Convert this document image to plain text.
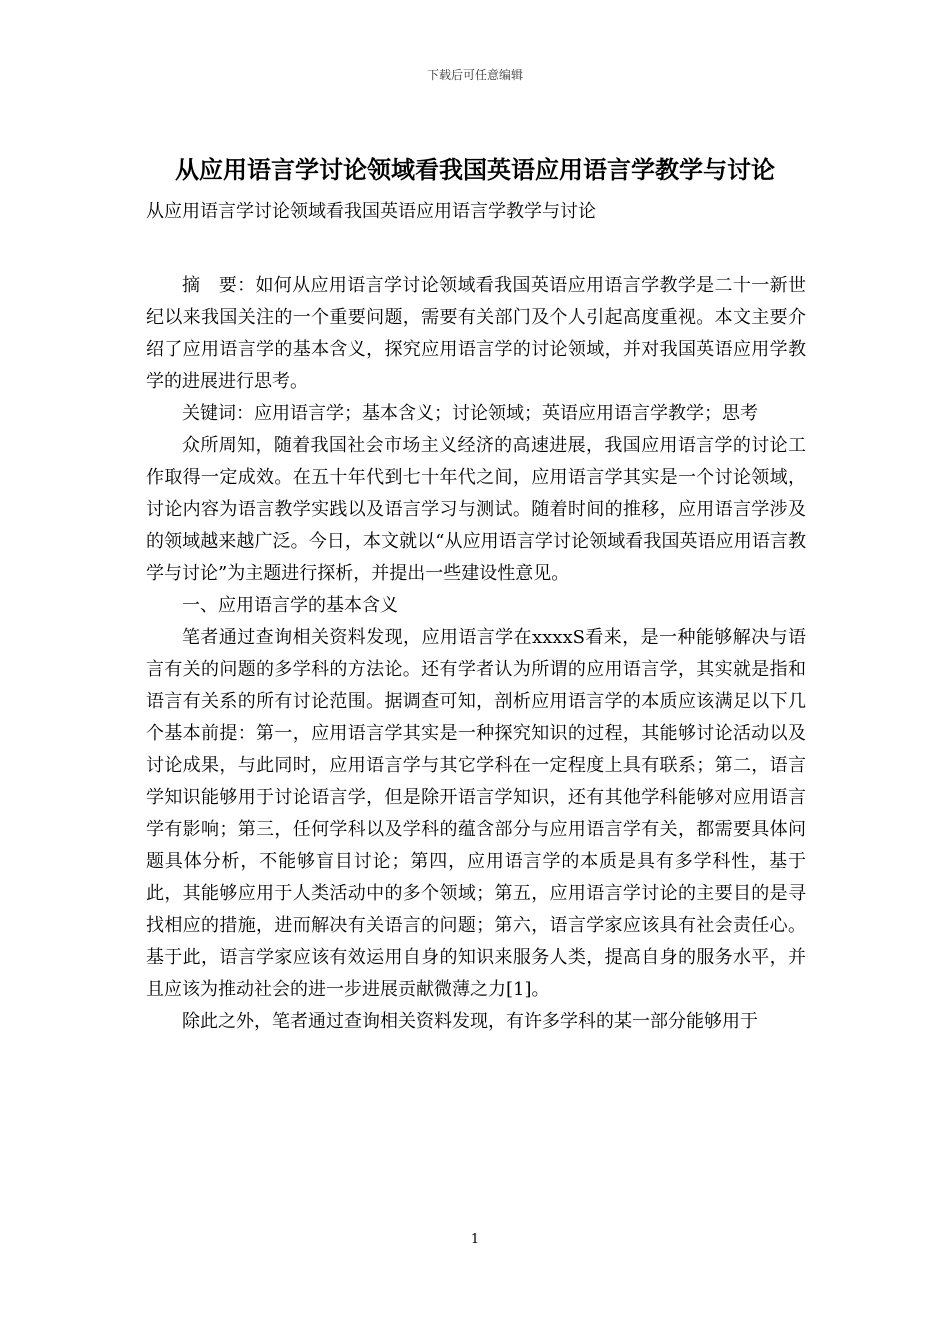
下载后可任意编辑
从应用语言学讨论领域看我国英语应用语言学教学与讨论

从应用语言学讨论领域看我国英语应用语言学教学与讨论

摘　要：如何从应用语言学讨论领域看我国英语应用语言学教学是二十一新世纪以来我国关注的一个重要问题，需要有关部门及个人引起高度重视。本文主要介绍了应用语言学的基本含义，探究应用语言学的讨论领域，并对我国英语应用学教学的进展进行思考。

关键词：应用语言学；基本含义；讨论领域；英语应用语言学教学；思考

众所周知，随着我国社会市场主义经济的高速进展，我国应用语言学的讨论工作取得一定成效。在五十年代到七十年代之间，应用语言学其实是一个讨论领域，讨论内容为语言教学实践以及语言学习与测试。随着时间的推移，应用语言学涉及的领域越来越广泛。今日，本文就以“从应用语言学讨论领域看我国英语应用语言教学与讨论”为主题进行探析，并提出一些建设性意见。

一、应用语言学的基本含义

笔者通过查询相关资料发现，应用语言学在xxxxS看来，是一种能够解决与语言有关的问题的多学科的方法论。还有学者认为所谓的应用语言学，其实就是指和语言有关系的所有讨论范围。据调查可知，剖析应用语言学的本质应该满足以下几个基本前提：第一，应用语言学其实是一种探究知识的过程，其能够讨论活动以及讨论成果，与此同时，应用语言学与其它学科在一定程度上具有联系；第二，语言学知识能够用于讨论语言学，但是除开语言学知识，还有其他学科能够对应用语言学有影响；第三，任何学科以及学科的蕴含部分与应用语言学有关，都需要具体问题具体分析，不能够盲目讨论；第四，应用语言学的本质是具有多学科性，基于此，其能够应用于人类活动中的多个领域；第五，应用语言学讨论的主要目的是寻找相应的措施，进而解决有关语言的问题；第六，语言学家应该具有社会责任心。基于此，语言学家应该有效运用自身的知识来服务人类，提高自身的服务水平，并且应该为推动社会的进一步进展贡献微薄之力[1]。

除此之外，笔者通过查询相关资料发现，有许多学科的某一部分能够用于

1
